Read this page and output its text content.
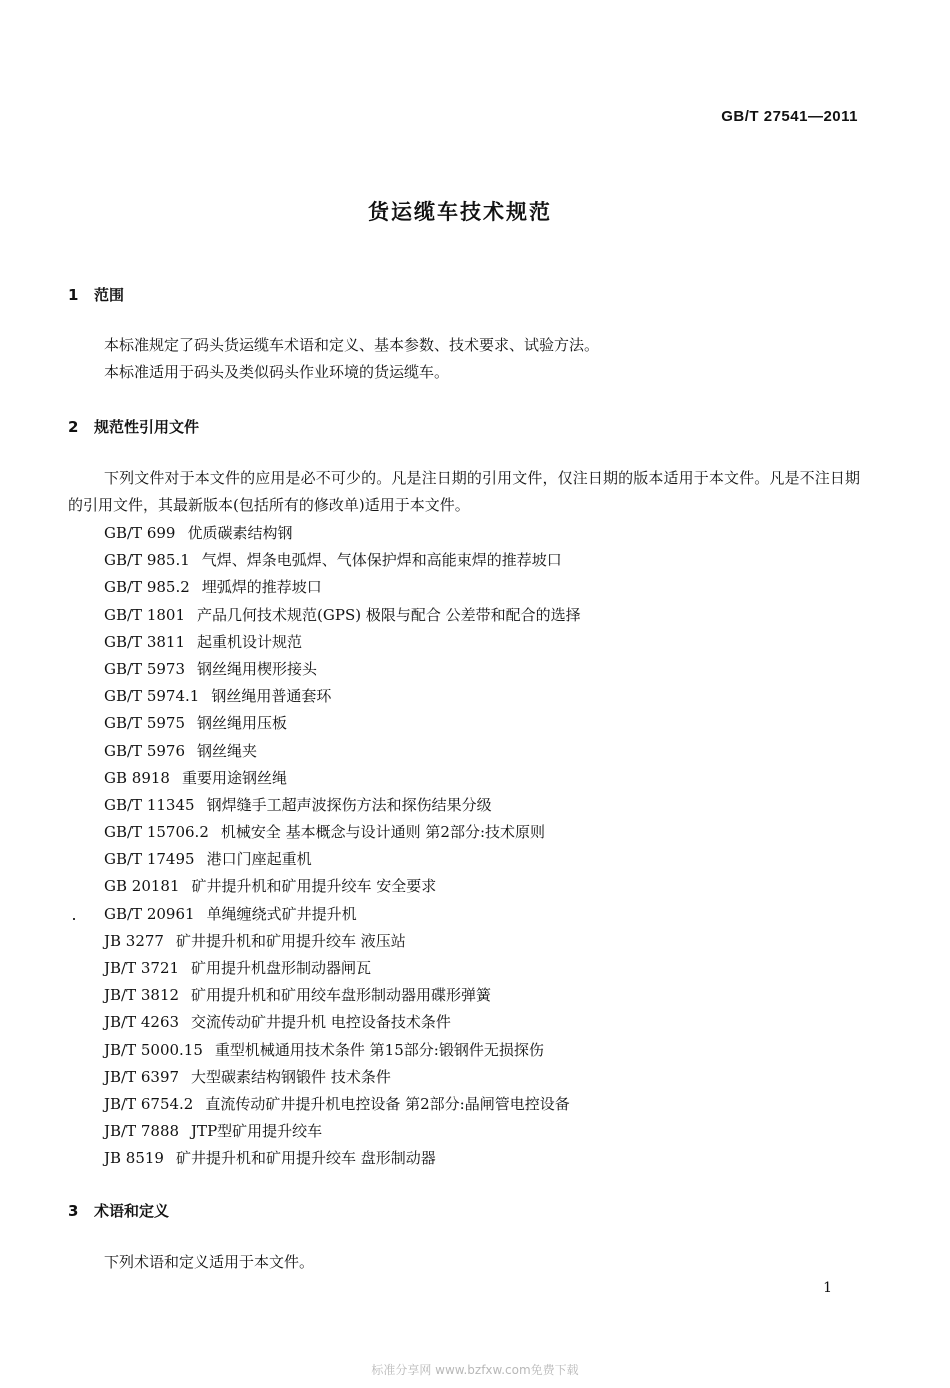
GB/T 27541—2011
货运缆车技术规范
1 范围
本标准规定了码头货运缆车术语和定义、基本参数、技术要求、试验方法。
本标准适用于码头及类似码头作业环境的货运缆车。
2 规范性引用文件
下列文件对于本文件的应用是必不可少的。凡是注日期的引用文件，仅注日期的版本适用于本文件。凡是不注日期的引用文件，其最新版本(包括所有的修改单)适用于本文件。
GB/T 699 优质碳素结构钢
GB/T 985.1 气焊、焊条电弧焊、气体保护焊和高能束焊的推荐坡口
GB/T 985.2 埋弧焊的推荐坡口
GB/T 1801 产品几何技术规范(GPS) 极限与配合 公差带和配合的选择
GB/T 3811 起重机设计规范
GB/T 5973 钢丝绳用楔形接头
GB/T 5974.1 钢丝绳用普通套环
GB/T 5975 钢丝绳用压板
GB/T 5976 钢丝绳夹
GB 8918 重要用途钢丝绳
GB/T 11345 钢焊缝手工超声波探伤方法和探伤结果分级
GB/T 15706.2 机械安全 基本概念与设计通则 第2部分:技术原则
GB/T 17495 港口门座起重机
GB 20181 矿井提升机和矿用提升绞车 安全要求
GB/T 20961 单绳缠绕式矿井提升机
JB 3277 矿井提升机和矿用提升绞车 液压站
JB/T 3721 矿用提升机盘形制动器闸瓦
JB/T 3812 矿用提升机和矿用绞车盘形制动器用碟形弹簧
JB/T 4263 交流传动矿井提升机 电控设备技术条件
JB/T 5000.15 重型机械通用技术条件 第15部分:锻钢件无损探伤
JB/T 6397 大型碳素结构钢锻件 技术条件
JB/T 6754.2 直流传动矿井提升机电控设备 第2部分:晶闸管电控设备
JB/T 7888 JTP型矿用提升绞车
JB 8519 矿井提升机和矿用提升绞车 盘形制动器
3 术语和定义
下列术语和定义适用于本文件。
1
标准分享网 www.bzfxw.com免费下载
